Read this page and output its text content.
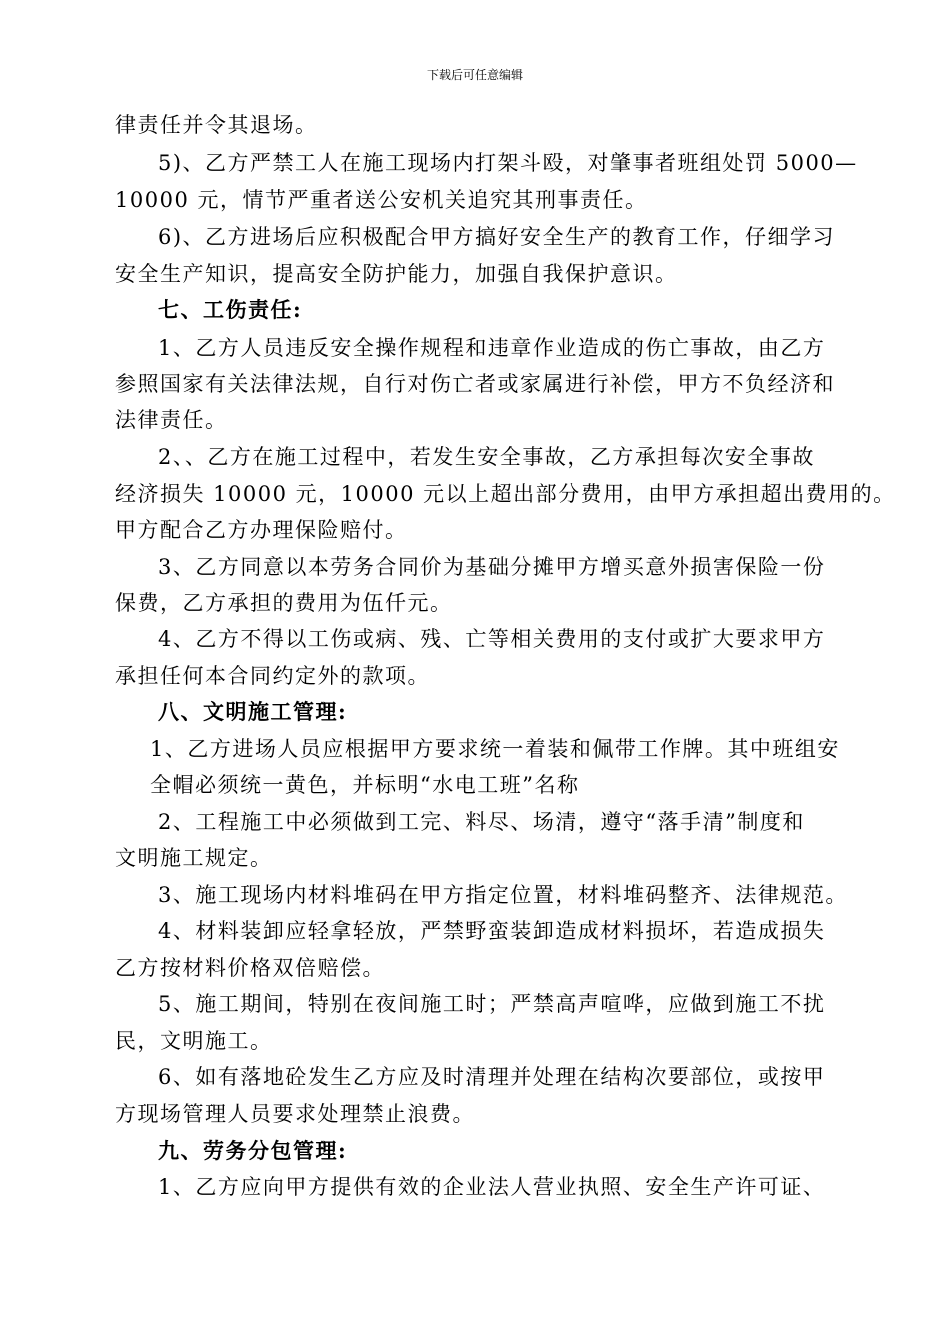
下载后可任意编辑
律责任并令其退场。
5)、乙方严禁工人在施工现场内打架斗殴，对肇事者班组处罚 5000—
10000 元，情节严重者送公安机关追究其刑事责任。
6)、乙方进场后应积极配合甲方搞好安全生产的教育工作，仔细学习
安全生产知识，提高安全防护能力，加强自我保护意识。
七、工伤责任:
1、乙方人员违反安全操作规程和违章作业造成的伤亡事故，由乙方
参照国家有关法律法规，自行对伤亡者或家属进行补偿，甲方不负经济和
法律责任。
2、、乙方在施工过程中，若发生安全事故，乙方承担每次安全事故
经济损失 10000 元，10000 元以上超出部分费用，由甲方承担超出费用的。
甲方配合乙方办理保险赔付。
3、乙方同意以本劳务合同价为基础分摊甲方增买意外损害保险一份
保费，乙方承担的费用为伍仟元。
4、乙方不得以工伤或病、残、亡等相关费用的支付或扩大要求甲方
承担任何本合同约定外的款项。
八、文明施工管理:
1、乙方进场人员应根据甲方要求统一着装和佩带工作牌。其中班组安
全帽必须统一黄色，并标明“水电工班”名称
2、工程施工中必须做到工完、料尽、场清，遵守“落手清”制度和
文明施工规定。
3、施工现场内材料堆码在甲方指定位置，材料堆码整齐、法律规范。
4、材料装卸应轻拿轻放，严禁野蛮装卸造成材料损坏，若造成损失
乙方按材料价格双倍赔偿。
5、施工期间，特别在夜间施工时；严禁高声喧哗，应做到施工不扰
民，文明施工。
6、如有落地砼发生乙方应及时清理并处理在结构次要部位，或按甲
方现场管理人员要求处理禁止浪费。
九、劳务分包管理:
1、乙方应向甲方提供有效的企业法人营业执照、安全生产许可证、
